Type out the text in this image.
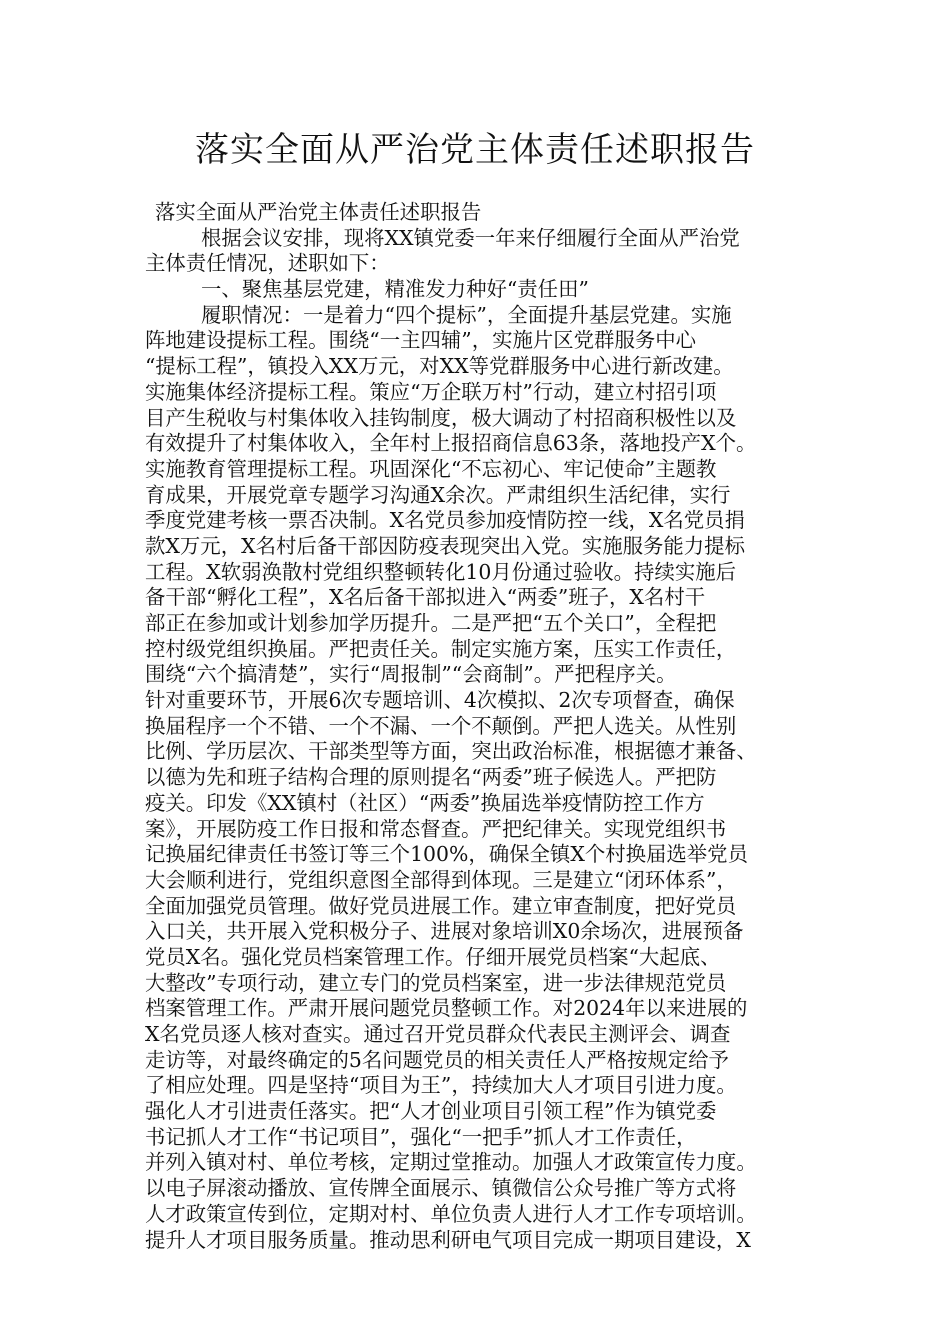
落实全面从严治党主体责任述职报告
落实全面从严治党主体责任述职报告
根据会议安排，现将XX镇党委一年来仔细履行全面从严治党
主体责任情况，述职如下：
一、聚焦基层党建，精准发力种好“责任田”
履职情况：一是着力“四个提标”，全面提升基层党建。实施
阵地建设提标工程。围绕“一主四辅”，实施片区党群服务中心
“提标工程”，镇投入XX万元，对XX等党群服务中心进行新改建。
实施集体经济提标工程。策应“万企联万村”行动，建立村招引项
目产生税收与村集体收入挂钩制度，极大调动了村招商积极性以及
有效提升了村集体收入，全年村上报招商信息63条，落地投产X个。
实施教育管理提标工程。巩固深化“不忘初心、牢记使命”主题教
育成果，开展党章专题学习沟通X余次。严肃组织生活纪律，实行
季度党建考核一票否决制。X名党员参加疫情防控一线，X名党员捐
款X万元，X名村后备干部因防疫表现突出入党。实施服务能力提标
工程。X软弱涣散村党组织整顿转化10月份通过验收。持续实施后
备干部“孵化工程”，X名后备干部拟进入“两委”班子，X名村干
部正在参加或计划参加学历提升。二是严把“五个关口”，全程把
控村级党组织换届。严把责任关。制定实施方案，压实工作责任，
围绕“六个搞清楚”，实行“周报制”“会商制”。严把程序关。
针对重要环节，开展6次专题培训、4次模拟、2次专项督查，确保
换届程序一个不错、一个不漏、一个不颠倒。严把人选关。从性别
比例、学历层次、干部类型等方面，突出政治标准，根据德才兼备、
以德为先和班子结构合理的原则提名“两委”班子候选人。严把防
疫关。印发《XX镇村（社区）“两委”换届选举疫情防控工作方
案》，开展防疫工作日报和常态督查。严把纪律关。实现党组织书
记换届纪律责任书签订等三个100%，确保全镇X个村换届选举党员
大会顺利进行，党组织意图全部得到体现。三是建立“闭环体系”，
全面加强党员管理。做好党员进展工作。建立审查制度，把好党员
入口关，共开展入党积极分子、进展对象培训X0余场次，进展预备
党员X名。强化党员档案管理工作。仔细开展党员档案“大起底、
大整改”专项行动，建立专门的党员档案室，进一步法律规范党员
档案管理工作。严肃开展问题党员整顿工作。对2024年以来进展的
X名党员逐人核对查实。通过召开党员群众代表民主测评会、调查
走访等，对最终确定的5名问题党员的相关责任人严格按规定给予
了相应处理。四是坚持“项目为王”，持续加大人才项目引进力度。
强化人才引进责任落实。把“人才创业项目引领工程”作为镇党委
书记抓人才工作“书记项目”，强化“一把手”抓人才工作责任，
并列入镇对村、单位考核，定期过堂推动。加强人才政策宣传力度。
以电子屏滚动播放、宣传牌全面展示、镇微信公众号推广等方式将
人才政策宣传到位，定期对村、单位负责人进行人才工作专项培训。
提升人才项目服务质量。推动思利研电气项目完成一期项目建设，X
